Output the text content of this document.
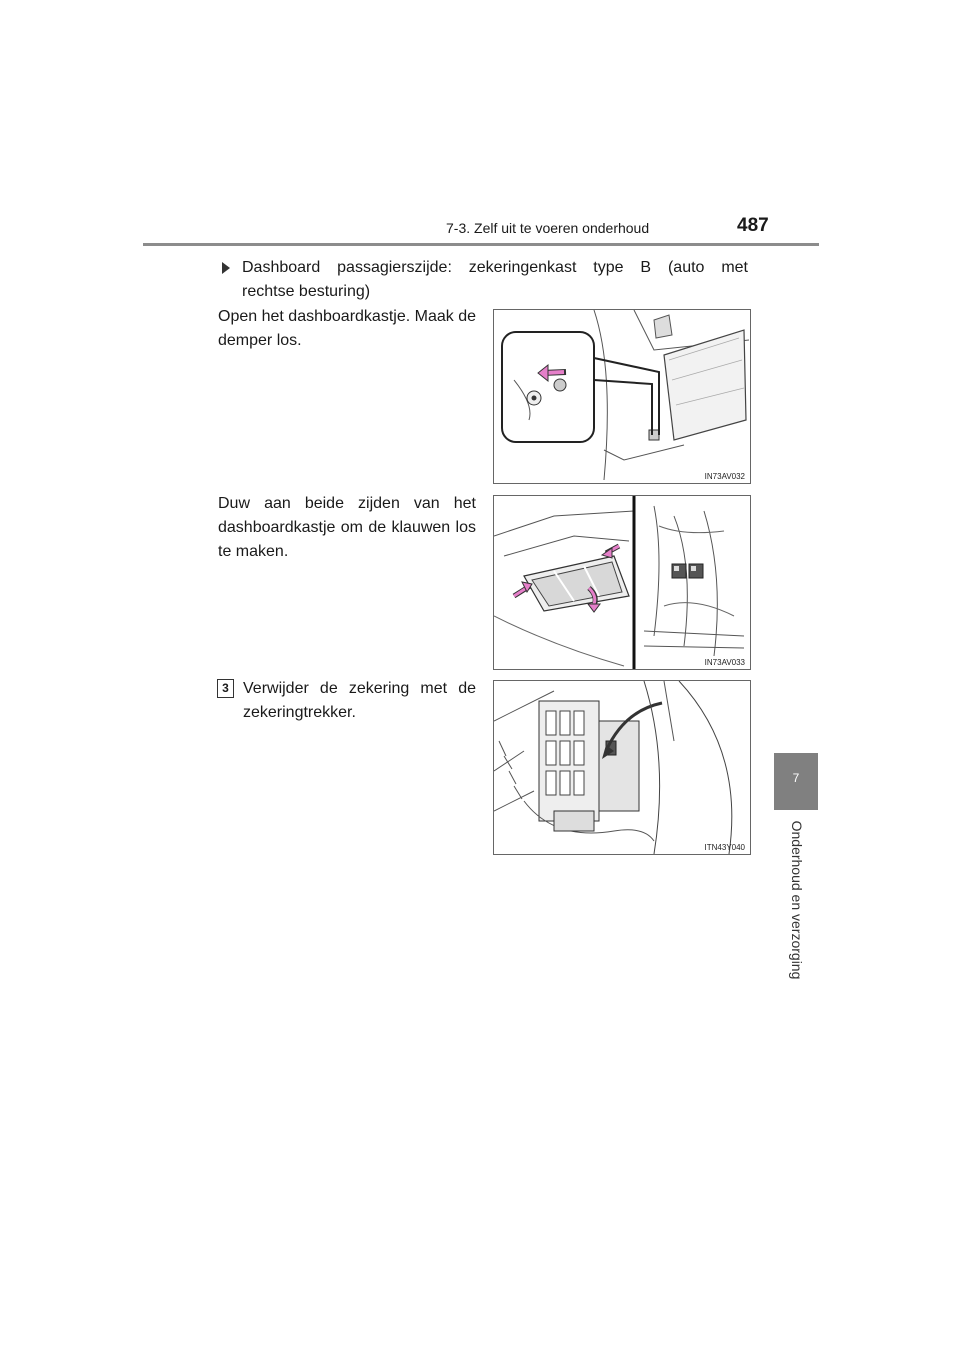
7-3. Zelf uit te voeren onderhoud	487
7
Onderhoud en verzorging
Dashboard passagierszijde: zekeringenkast type B (auto met
rechtse besturing)
Open het dashboardkastje. Maak de demper los.
Duw aan beide zijden van het dashboardkastje om de klauwen los te maken.
3 Verwijder de zekering met de zekeringtrekker.
IN73AV032
IN73AV033
ITN43Y040
